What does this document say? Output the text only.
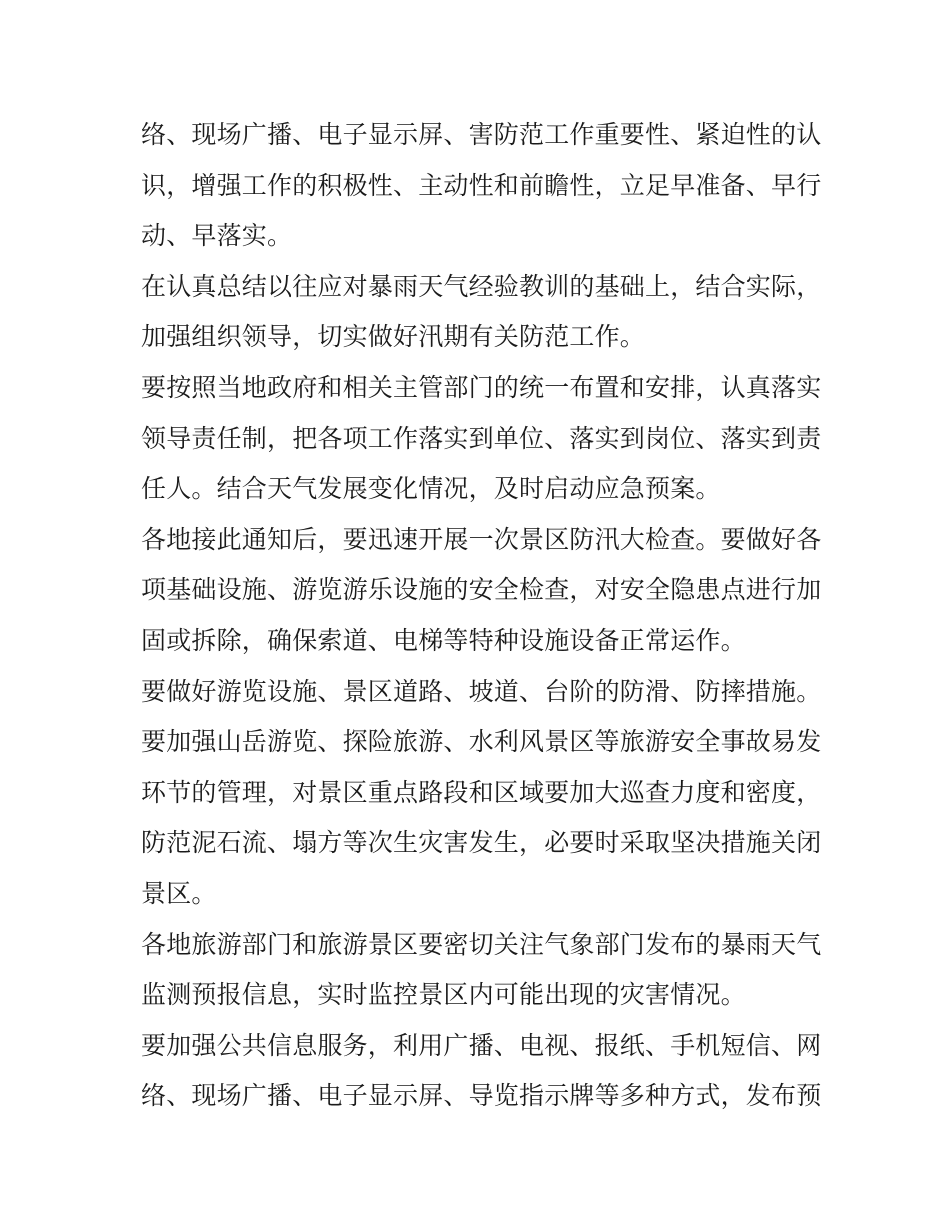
络、现场广播、电子显示屏、害防范工作重要性、紧迫性的认
识，增强工作的积极性、主动性和前瞻性，立足早准备、早行
动、早落实。

在认真总结以往应对暴雨天气经验教训的基础上，结合实际，
加强组织领导，切实做好汛期有关防范工作。

要按照当地政府和相关主管部门的统一布置和安排，认真落实
领导责任制，把各项工作落实到单位、落实到岗位、落实到责
任人。结合天气发展变化情况，及时启动应急预案。

各地接此通知后，要迅速开展一次景区防汛大检查。要做好各
项基础设施、游览游乐设施的安全检查，对安全隐患点进行加
固或拆除，确保索道、电梯等特种设施设备正常运作。

要做好游览设施、景区道路、坡道、台阶的防滑、防摔措施。

要加强山岳游览、探险旅游、水利风景区等旅游安全事故易发
环节的管理，对景区重点路段和区域要加大巡查力度和密度，
防范泥石流、塌方等次生灾害发生，必要时采取坚决措施关闭
景区。

各地旅游部门和旅游景区要密切关注气象部门发布的暴雨天气
监测预报信息，实时监控景区内可能出现的灾害情况。

要加强公共信息服务，利用广播、电视、报纸、手机短信、网
络、现场广播、电子显示屏、导览指示牌等多种方式，发布预
